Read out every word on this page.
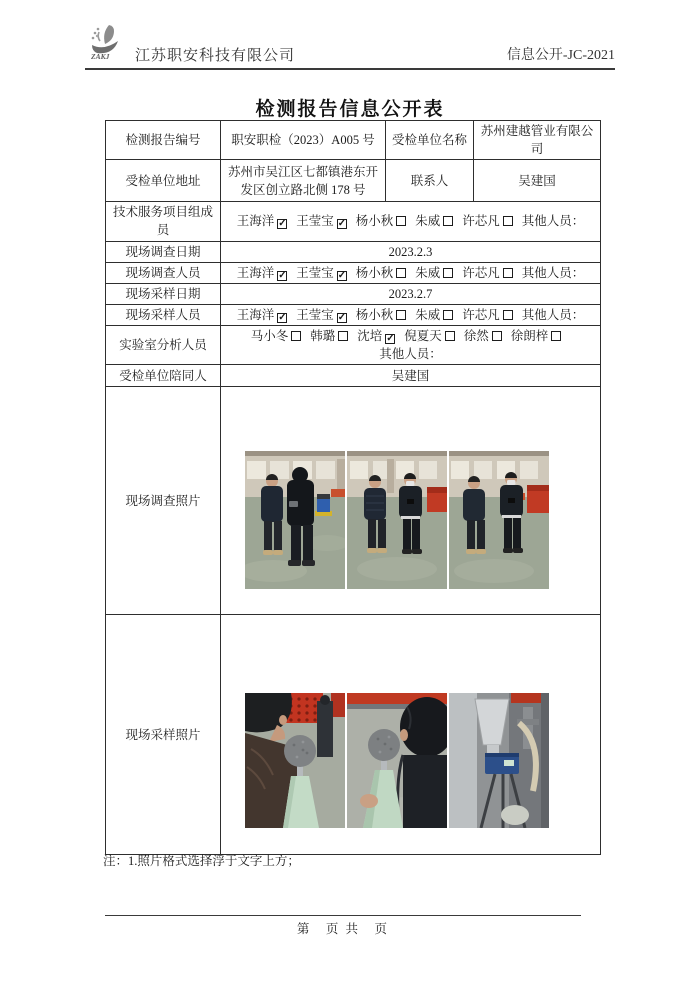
ZAKJ 江苏职安科技有限公司	信息公开-JC-2021
检测报告信息公开表
检测报告编号	职安职检（2023）A005 号	受检单位名称	苏州建越管业有限公司
受检单位地址	苏州市吴江区七都镇港东开发区创立路北侧 178 号	联系人	吴建国
技术服务项目组成员	王海洋 ✓ 王莹宝 ✓ 杨小秋 朱威 许芯凡 其他人员：		
现场调查日期	2023.2.3		
现场调查人员	王海洋 ✓ 王莹宝 ✓ 杨小秋 朱威 许芯凡 其他人员：		
现场采样日期	2023.2.7		
现场采样人员	王海洋 ✓ 王莹宝 ✓ 杨小秋 朱威 许芯凡 其他人员：		
实验室分析人员	马小冬 韩璐 沈培 ✓ 倪夏天 徐然 徐朗梓
其他人员：		

受检单位陪同人	吴建国		
现场调查照片	

现场采样照片	
注：1.照片格式选择浮于文字上方；
第　页 共　页
